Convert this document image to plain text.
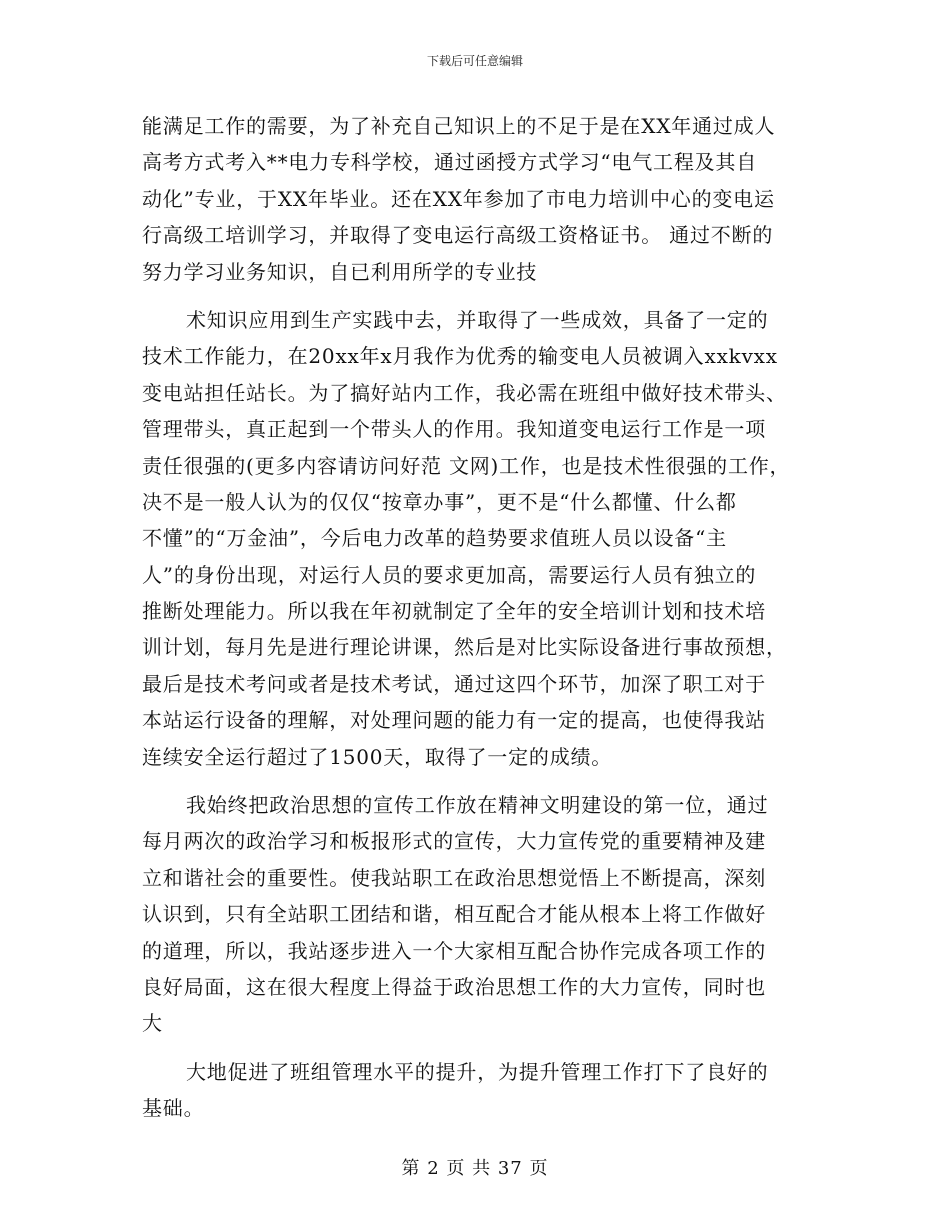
下载后可任意编辑
能满足工作的需要，为了补充自己知识上的不足于是在XX年通过成人
高考方式考入**电力专科学校，通过函授方式学习“电气工程及其自
动化”专业，于XX年毕业。还在XX年参加了市电力培训中心的变电运
行高级工培训学习，并取得了变电运行高级工资格证书。 通过不断的
努力学习业务知识，自已利用所学的专业技
术知识应用到生产实践中去，并取得了一些成效，具备了一定的
技术工作能力，在20xx年x月我作为优秀的输变电人员被调入xxkvxx
变电站担任站长。为了搞好站内工作，我必需在班组中做好技术带头、
管理带头，真正起到一个带头人的作用。我知道变电运行工作是一项
责任很强的(更多内容请访问好范 文网)工作，也是技术性很强的工作，
决不是一般人认为的仅仅“按章办事”，更不是“什么都懂、什么都
不懂”的“万金油”，今后电力改革的趋势要求值班人员以设备“主
人”的身份出现，对运行人员的要求更加高，需要运行人员有独立的
推断处理能力。所以我在年初就制定了全年的安全培训计划和技术培
训计划，每月先是进行理论讲课，然后是对比实际设备进行事故预想，
最后是技术考问或者是技术考试，通过这四个环节，加深了职工对于
本站运行设备的理解，对处理问题的能力有一定的提高，也使得我站
连续安全运行超过了1500天，取得了一定的成绩。
我始终把政治思想的宣传工作放在精神文明建设的第一位，通过
每月两次的政治学习和板报形式的宣传，大力宣传党的重要精神及建
立和谐社会的重要性。使我站职工在政治思想觉悟上不断提高，深刻
认识到，只有全站职工团结和谐，相互配合才能从根本上将工作做好
的道理，所以，我站逐步进入一个大家相互配合协作完成各项工作的
良好局面，这在很大程度上得益于政治思想工作的大力宣传，同时也
大
大地促进了班组管理水平的提升，为提升管理工作打下了良好的
基础。
第 2 页 共 37 页
